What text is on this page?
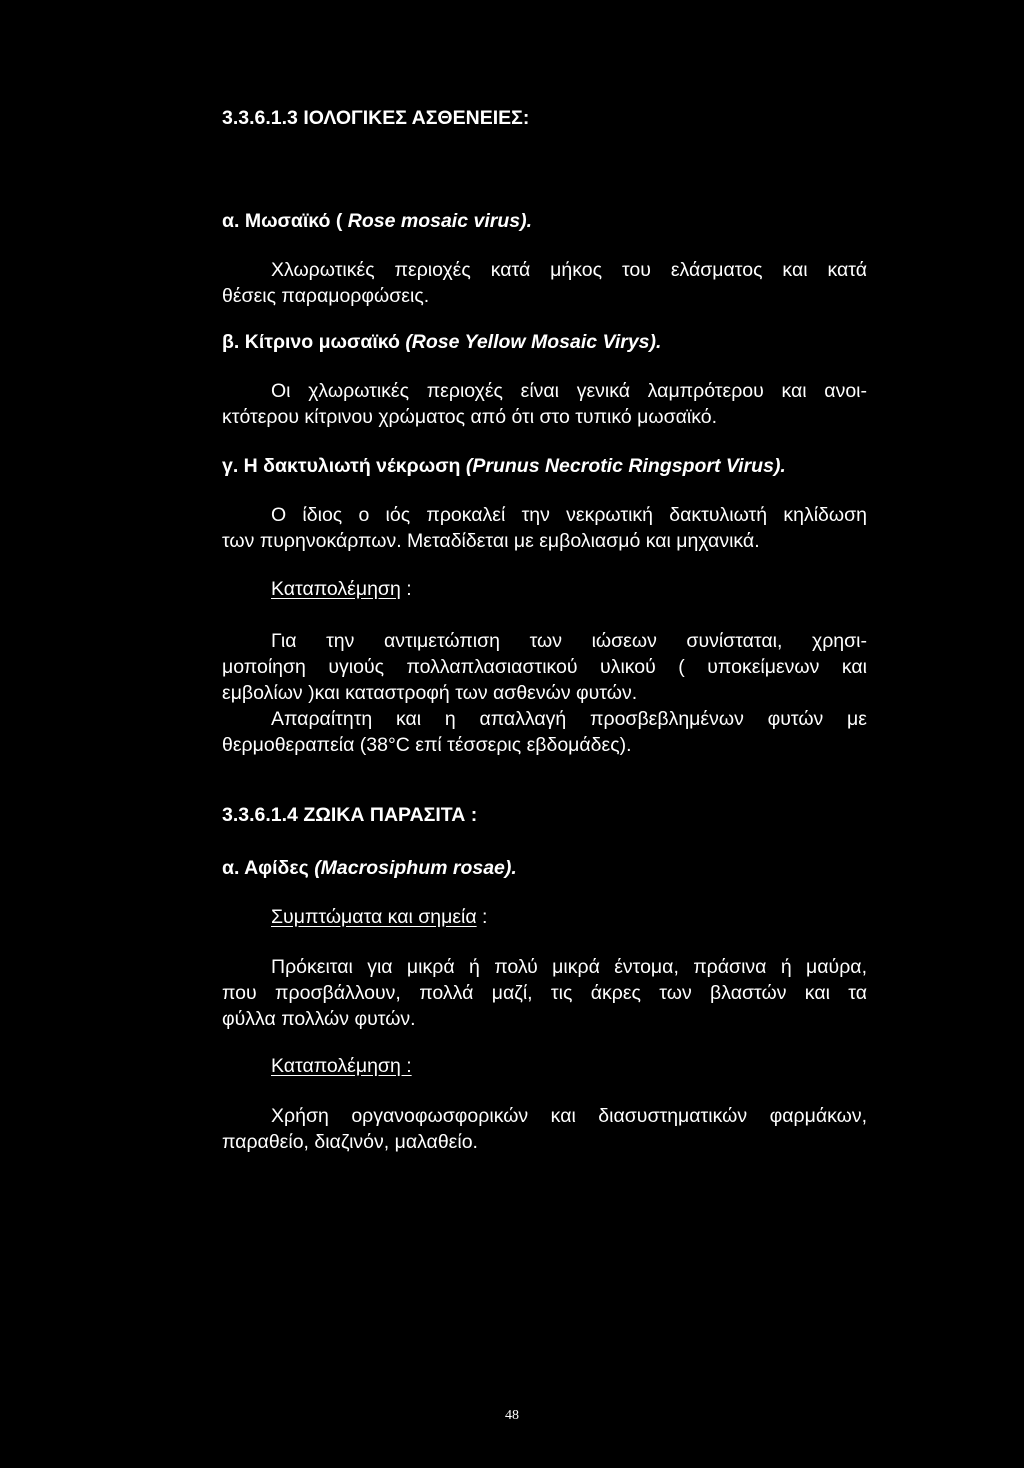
3.3.6.1.3 ΙΟΛΟΓΙΚΕΣ ΑΣΘΕΝΕΙΕΣ:
α. Μωσαϊκό ( Rose mosaic virus).
Χλωρωτικές περιοχές κατά μήκος του ελάσματος και κατά
θέσεις παραμορφώσεις.
β. Κίτρινο μωσαϊκό (Rose Yellow Mosaic Virys).
Οι χλωρωτικές περιοχές είναι γενικά λαμπρότερου και ανοι-
κτότερου κίτρινου χρώματος από ότι στο τυπικό μωσαϊκό.
γ. Η δακτυλιωτή νέκρωση (Prunus Necrotic Ringsport Virus).
Ο ίδιος ο ιός προκαλεί την νεκρωτική δακτυλιωτή κηλίδωση
των πυρηνοκάρπων. Μεταδίδεται με εμβολιασμό και μηχανικά.
Καταπολέμηση :
Για την αντιμετώπιση των ιώσεων συνίσταται, χρησι-
μοποίηση υγιούς πολλαπλασιαστικού υλικού ( υποκείμενων και
εμβολίων )και καταστροφή των ασθενών φυτών.
Απαραίτητη και η απαλλαγή προσβεβλημένων φυτών με
θερμοθεραπεία (38°C επί τέσσερις εβδομάδες).
3.3.6.1.4 ΖΩΙΚΑ ΠΑΡΑΣΙΤΑ :
α. Αφίδες (Macrosiphum rosae).
Συμπτώματα και σημεία :
Πρόκειται για μικρά ή πολύ μικρά έντομα, πράσινα ή μαύρα,
που προσβάλλουν, πολλά μαζί, τις άκρες των βλαστών και τα
φύλλα πολλών φυτών.
Καταπολέμηση :
Χρήση οργανοφωσφορικών και διασυστηματικών φαρμάκων,
παραθείο, διαζινόν, μαλαθείο.
48
